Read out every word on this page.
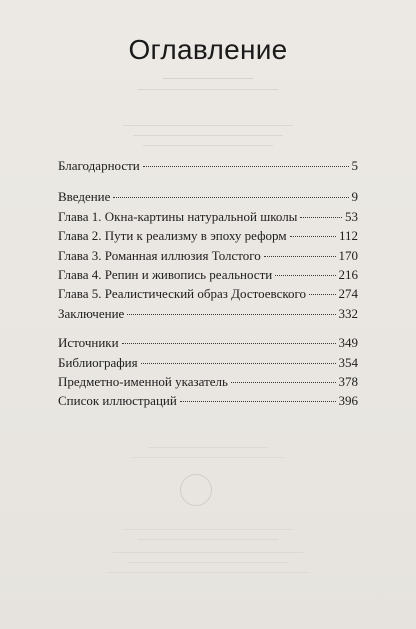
Оглавление
Благодарности	5
Введение	9
Глава 1. Окна-картины натуральной школы	53
Глава 2. Пути к реализму в эпоху реформ	112
Глава 3. Романная иллюзия Толстого	170
Глава 4. Репин и живопись реальности	216
Глава 5. Реалистический образ Достоевского 274
Заключение	332
Источники	349
Библиография	354
Предметно-именной указатель	378
Список иллюстраций	396
